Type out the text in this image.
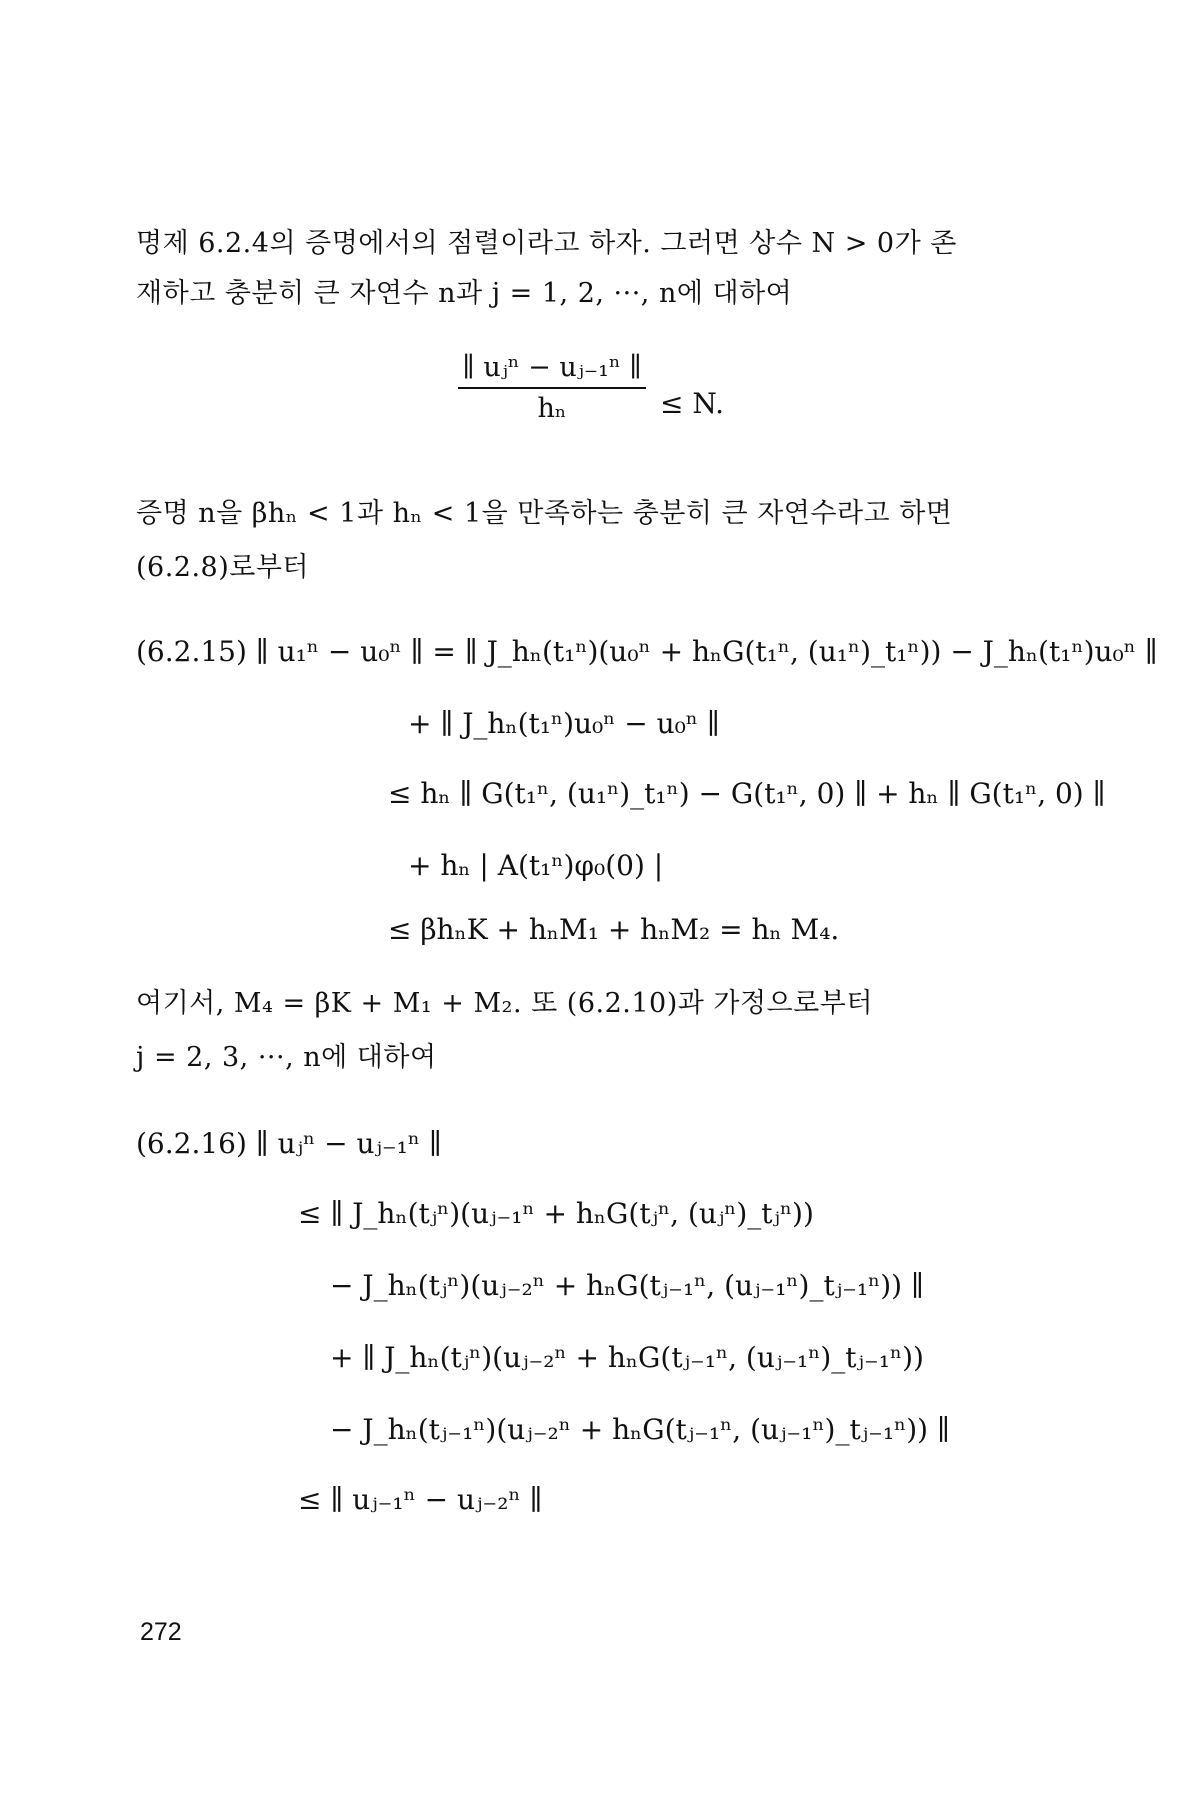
명제 6.2.4의 증명에서의 점렬이라고 하자. 그러면 상수 N > 0가 존
재하고 충분히 큰 자연수 n과 j = 1, 2, ···, n에 대하여
∥ uⱼⁿ − uⱼ₋₁ⁿ ∥
hₙ	≤ N.
증명 n을 βhₙ < 1과 hₙ < 1을 만족하는 충분히 큰 자연수라고 하면
(6.2.8)로부터
(6.2.15) ∥ u₁ⁿ − u₀ⁿ ∥ = ∥ J_hₙ(t₁ⁿ)(u₀ⁿ + hₙG(t₁ⁿ, (u₁ⁿ)_t₁ⁿ)) − J_hₙ(t₁ⁿ)u₀ⁿ ∥
+ ∥ J_hₙ(t₁ⁿ)u₀ⁿ − u₀ⁿ ∥
≤ hₙ ∥ G(t₁ⁿ, (u₁ⁿ)_t₁ⁿ) − G(t₁ⁿ, 0) ∥ + hₙ ∥ G(t₁ⁿ, 0) ∥
+ hₙ | A(t₁ⁿ)φ₀(0) |
≤ βhₙK + hₙM₁ + hₙM₂ = hₙ M₄.
여기서, M₄ = βK + M₁ + M₂. 또 (6.2.10)과 가정으로부터
j = 2, 3, ···, n에 대하여
(6.2.16) ∥ uⱼⁿ − uⱼ₋₁ⁿ ∥
≤ ∥ J_hₙ(tⱼⁿ)(uⱼ₋₁ⁿ + hₙG(tⱼⁿ, (uⱼⁿ)_tⱼⁿ))
− J_hₙ(tⱼⁿ)(uⱼ₋₂ⁿ + hₙG(tⱼ₋₁ⁿ, (uⱼ₋₁ⁿ)_tⱼ₋₁ⁿ)) ∥
+ ∥ J_hₙ(tⱼⁿ)(uⱼ₋₂ⁿ + hₙG(tⱼ₋₁ⁿ, (uⱼ₋₁ⁿ)_tⱼ₋₁ⁿ))
− J_hₙ(tⱼ₋₁ⁿ)(uⱼ₋₂ⁿ + hₙG(tⱼ₋₁ⁿ, (uⱼ₋₁ⁿ)_tⱼ₋₁ⁿ)) ∥
≤ ∥ uⱼ₋₁ⁿ − uⱼ₋₂ⁿ ∥
272
